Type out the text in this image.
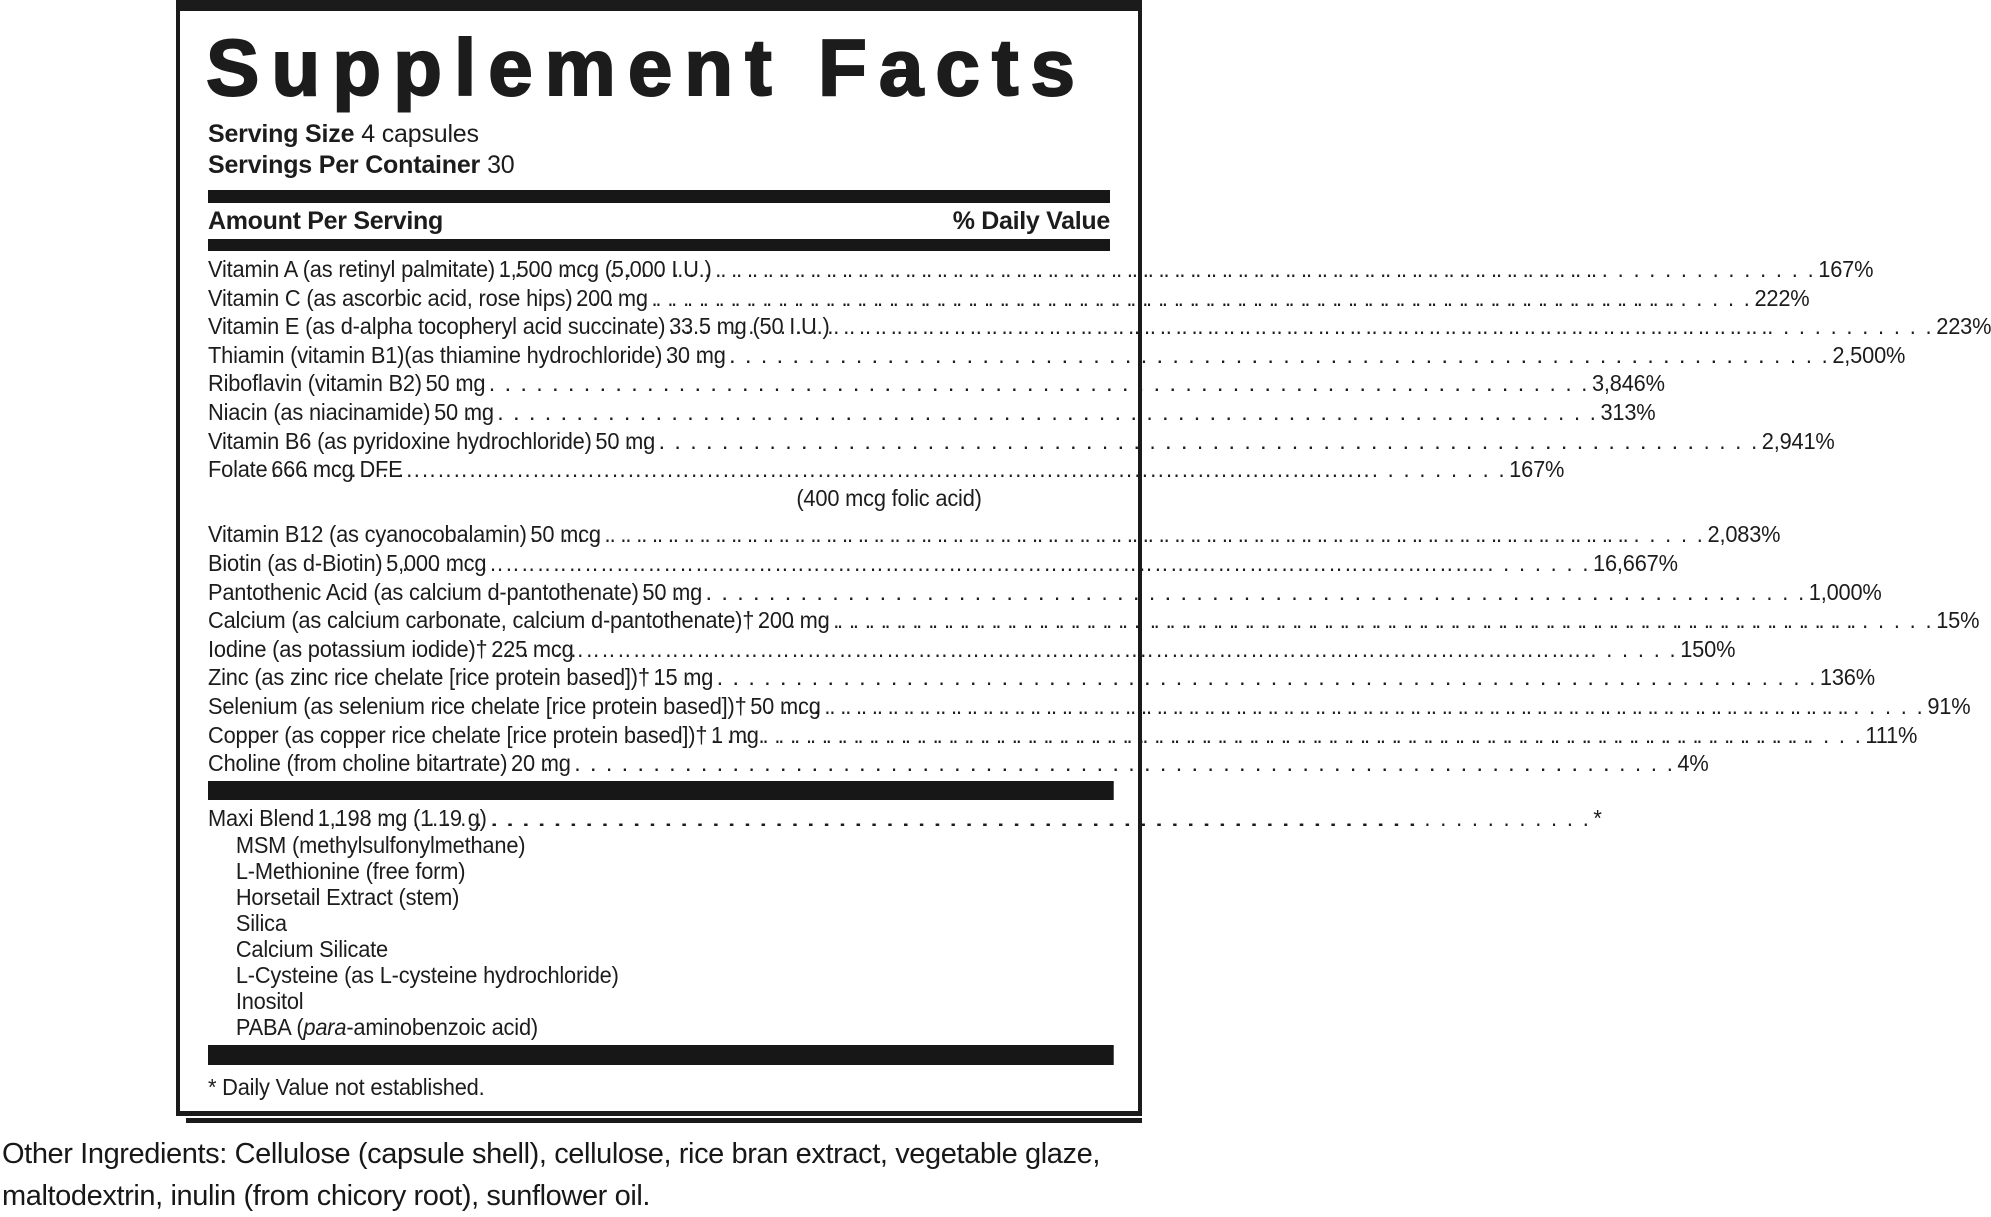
Supplement Facts
Serving Size 4 capsules
Servings Per Container 30
Amount Per Serving	% Daily Value
Vitamin A (as retinyl palmitate) . . . 1,500 mcg (5,000 I.U.) . . .	167%
Vitamin C (as ascorbic acid, rose hips) . . . 200 mg . . .	222%
Vitamin E (as d-alpha tocopheryl acid succinate) . . . 33.5 mg (50 I.U.) . . .	223%
Thiamin (vitamin B1)(as thiamine hydrochloride) . . . 30 mg . . .	2,500%
Riboflavin (vitamin B2) . . . 50 mg . . .	3,846%
Niacin (as niacinamide) . . . 50 mg . . .	313%
Vitamin B6 (as pyridoxine hydrochloride) . . . 50 mg . . .	2,941%
Folate . . . 666 mcg DFE . . .	167%
(400 mcg folic acid)
Vitamin B12 (as cyanocobalamin) . . . 50 mcg . . .	2,083%
Biotin (as d-Biotin) . . . 5,000 mcg . . .	16,667%
Pantothenic Acid (as calcium d-pantothenate) . . . 50 mg . . .	1,000%
Calcium (as calcium carbonate, calcium d-pantothenate)† . . . 200 mg . . .	15%
Iodine (as potassium iodide)† . . . 225 mcg . . .	150%
Zinc (as zinc rice chelate [rice protein based])† . . . 15 mg . . .	136%
Selenium (as selenium rice chelate [rice protein based])† . . . 50 mcg . . .	91%
Copper (as copper rice chelate [rice protein based])† . . . 1 mg . . .	111%
Choline (from choline bitartrate) . . . 20 mg . . .	4%
Maxi Blend . . . 1,198 mg (1.19 g) . . .	*
MSM (methylsulfonylmethane)
L-Methionine (free form)
Horsetail Extract (stem)
Silica
Calcium Silicate
L-Cysteine (as L-cysteine hydrochloride)
Inositol
PABA (para-aminobenzoic acid)
* Daily Value not established.

Other Ingredients: Cellulose (capsule shell), cellulose, rice bran extract, vegetable glaze, maltodextrin, inulin (from chicory root), sunflower oil.
